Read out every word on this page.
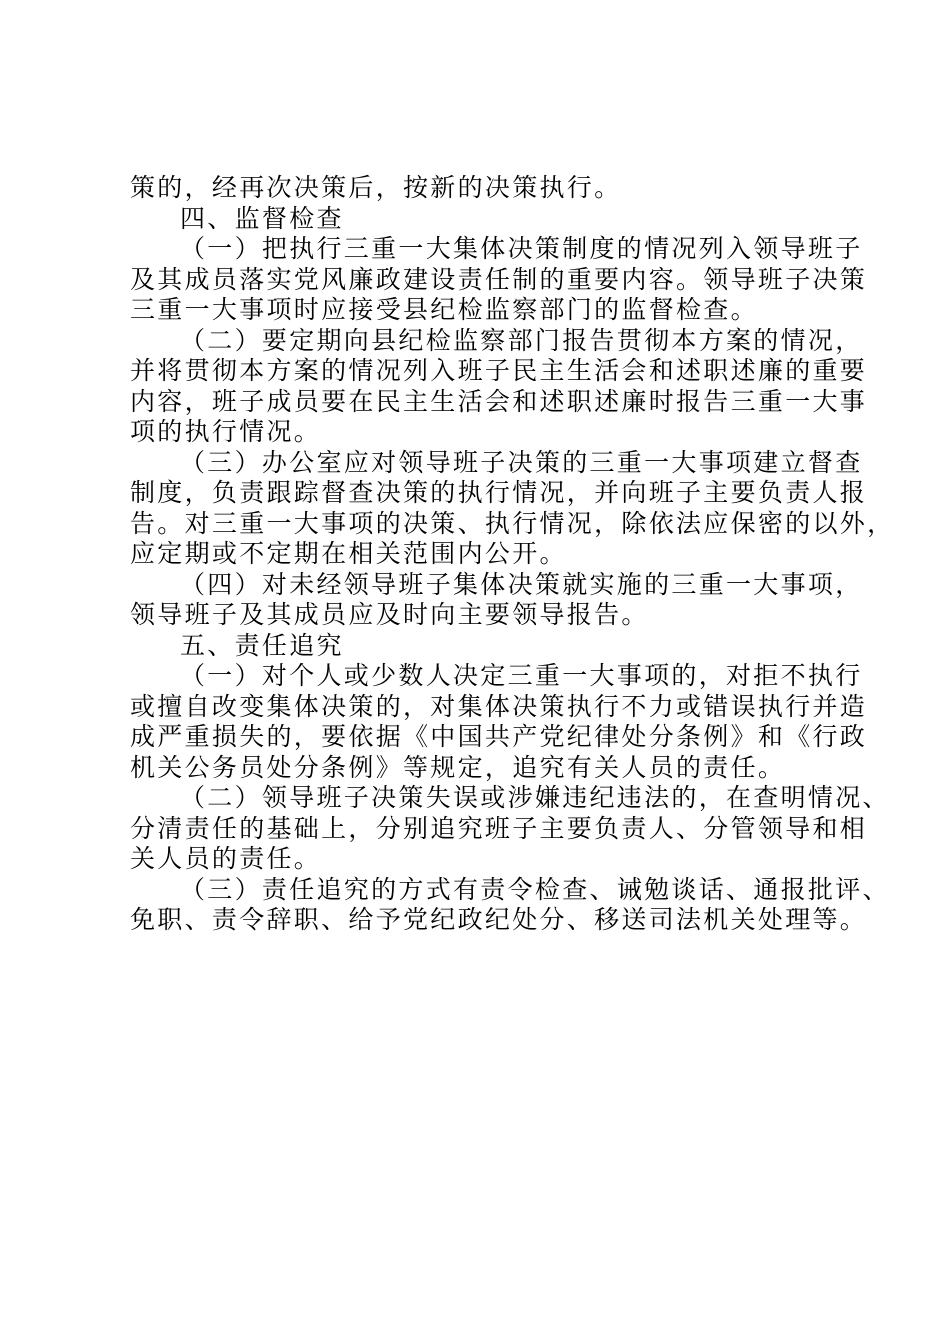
策的，经再次决策后，按新的决策执行。
四、监督检查
（一）把执行三重一大集体决策制度的情况列入领导班子
及其成员落实党风廉政建设责任制的重要内容。领导班子决策
三重一大事项时应接受县纪检监察部门的监督检查。
（二）要定期向县纪检监察部门报告贯彻本方案的情况，
并将贯彻本方案的情况列入班子民主生活会和述职述廉的重要
内容，班子成员要在民主生活会和述职述廉时报告三重一大事
项的执行情况。
（三）办公室应对领导班子决策的三重一大事项建立督查
制度，负责跟踪督查决策的执行情况，并向班子主要负责人报
告。对三重一大事项的决策、执行情况，除依法应保密的以外，
应定期或不定期在相关范围内公开。
（四）对未经领导班子集体决策就实施的三重一大事项，
领导班子及其成员应及时向主要领导报告。
五、责任追究
（一）对个人或少数人决定三重一大事项的，对拒不执行
或擅自改变集体决策的，对集体决策执行不力或错误执行并造
成严重损失的，要依据《中国共产党纪律处分条例》和《行政
机关公务员处分条例》等规定，追究有关人员的责任。
（二）领导班子决策失误或涉嫌违纪违法的，在查明情况、
分清责任的基础上，分别追究班子主要负责人、分管领导和相
关人员的责任。
（三）责任追究的方式有责令检查、诫勉谈话、通报批评、
免职、责令辞职、给予党纪政纪处分、移送司法机关处理等。
